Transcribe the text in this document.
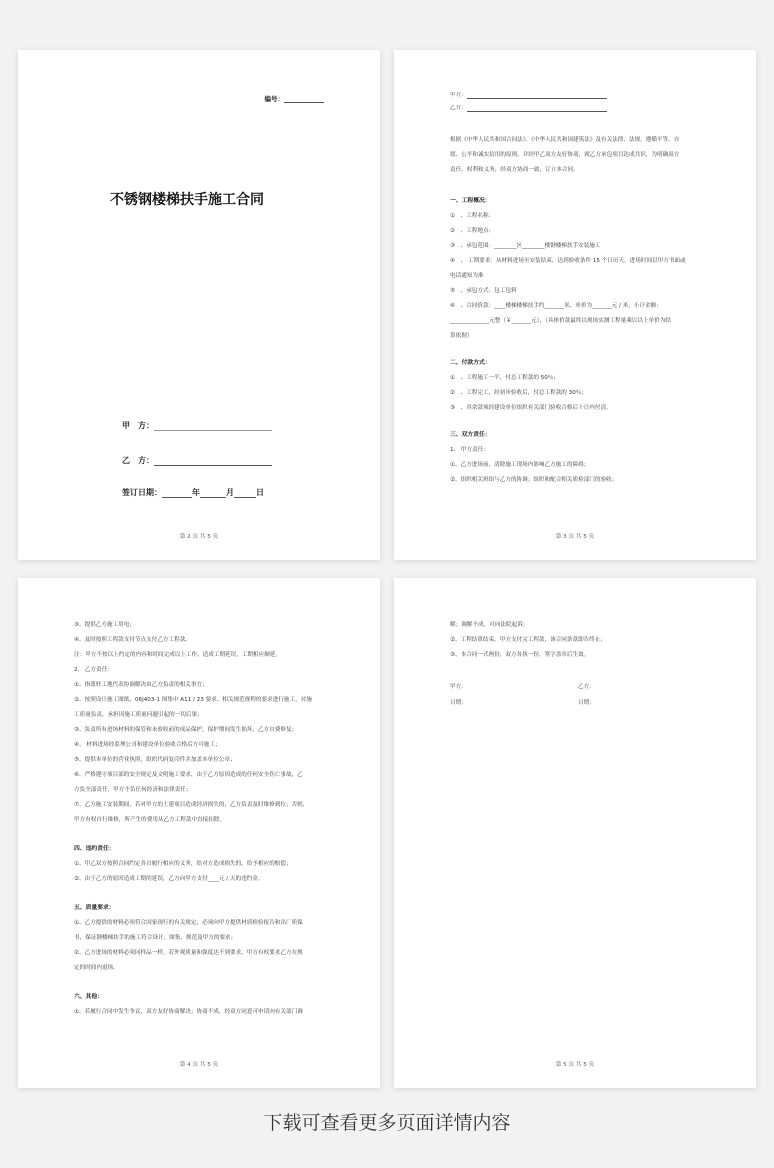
编号：
不锈钢楼梯扶手施工合同
甲　方：
乙　方：
签订日期：	年	月	日
第 2 页 共 5 页

甲方：

乙方：

根据《中华人民共和国合同法》、《中华人民共和国建筑法》及有关法律、法规，遵循平等、自

愿、公平和诚实信用的原则，并经甲乙双方友好协商，就乙方承包项目达成共识，为明确双方

责任、权利和义务，经双方协商一致，订立本合同。

一、工程概况：

①　、工程名称：

②　、工程地点：

③　、承包范围：________区________楼钢楼梯扶手安装施工

④　、 工期要求：从材料进场至安装结束，达到验收条件 15 个日历天，进场时间以甲方书面或

电话通知为准

⑤　、承包方式：包工包料

⑥　、合同价款：____楼梯楼梯扶手约_______米，单价为_______元 / 米，小计金额：

______________元整（￥_______元），（具体价款最终以现场实测工程量乘以以上单价为结

算依据）

二、付款方式：

①　、工程施工一半，付总工程款的 50％；

②　、工程完工，经初步验收后，付总工程款的 30％；

③　、其余款项经建设单位组织有关部门验收合格后十日内付清。

三、双方责任：

1、 甲方责任：

①、乙方进场前，清除施工现场内影响乙方施工的障碍；

②、组织相关班组与乙方的协调；组织和配合相关质检部门的验收；

第 3 页 共 5 页

③、提供乙方施工用电；

④、及时按照工程款支付节点支付乙方工程款。

注：甲方不按以上约定的内容和时间完成以上工作，造成工期延误，工期相应顺延。

2、 乙方责任：

①、指派驻工地代表协调解决由乙方负责的相关事宜；

②、按照设计施工图纸、06J403-1 图集中 A11 / 23 要求、相关规范规程的要求进行施工，对施

工质量负责，承担因施工质量问题引起的一切后果；

③、负责所有进场材料的保管和未验收前的成品保护，保护期间发生损坏，乙方自费修复；

④、 材料进场经监理公司和建设单位验收合格后方可施工；

⑤、提供本单位的营业执照，组织代码复印件并加盖本单位公章；

⑥、严格遵守项目部的安全规定及文明施工要求，由于乙方原因造成的任何安全伤亡事故，乙

方负全部责任，甲方不负任何经济和法律责任；

⑦、乙方施工安装期间，若对甲方的土建项目造成经济损失的，乙方负责及时维修到位；否则，

甲方有权自行维修，所产生的费用从乙方工程款中直接扣除。

四、违约责任：

①、甲乙双方按照合同约定各自履行相应的义务，给对方造成损失的，给予相应的赔偿；

②、由于乙方的原因造成工期的延误，乙方向甲方支付____元 / 天的违约金。

五、质量要求：

①、乙方提供的材料必须符合国家现行的有关规定，必须向甲方提供材质检验报告和出厂质保

书，保证钢楼梯扶手的施工符合设计、图集、规范及甲方的要求；

②、乙方进场的材料必须同样品一样，若外观质量和强度达不到要求，甲方有权要求乙方在规

定的时间内退场。

六、其他：

①、若履行合同中发生争议，双方友好协商解决；协商不成，经双方同意可申请向有关部门调

第 4 页 共 5 页

解；调解不成，可向法院起诉；

②、工程结算结束，甲方支付完工程款，该合同条款即告终止；

③、本合同一式两份，双方各执一份，签字盖章后生效。

甲方：	乙方：
日期：	日期：
第 5 页 共 5 页
下载可查看更多页面详情内容
